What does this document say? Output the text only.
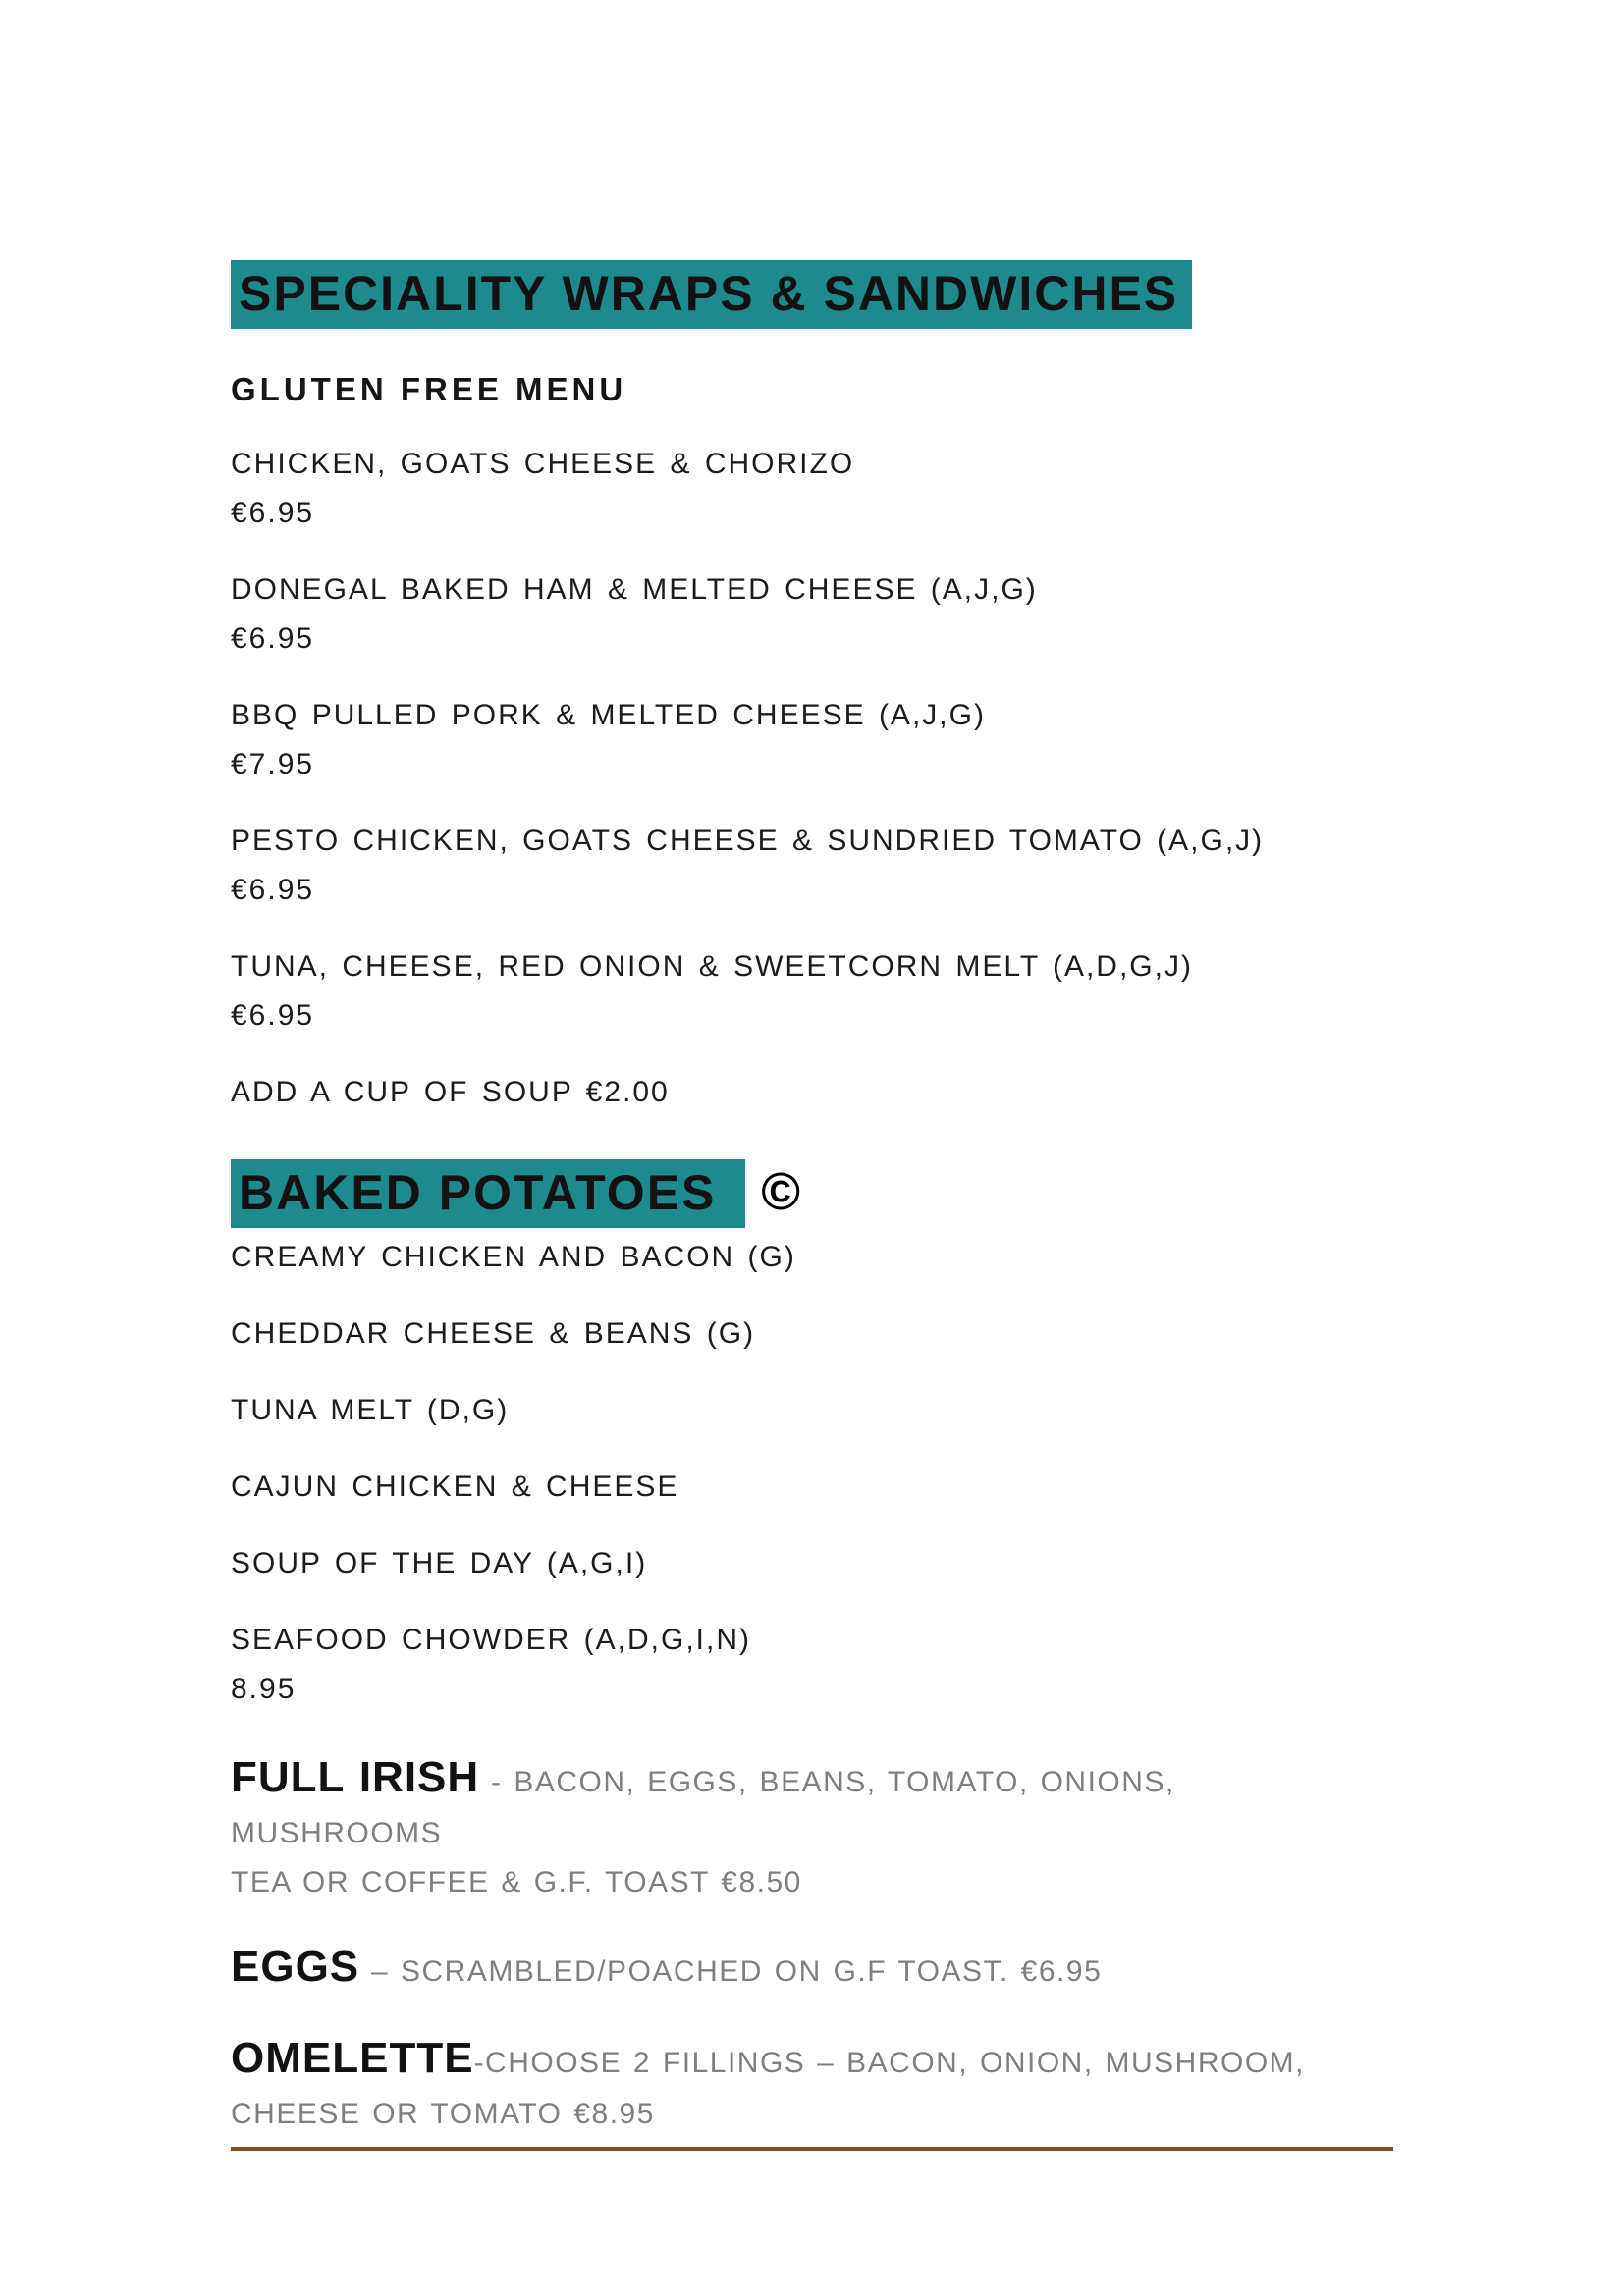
SPECIALITY WRAPS & SANDWICHES

GLUTEN FREE MENU

CHICKEN, GOATS CHEESE & CHORIZO

€6.95

DONEGAL BAKED HAM & MELTED CHEESE (A,J,G)

€6.95

BBQ PULLED PORK & MELTED CHEESE (A,J,G)

€7.95

PESTO CHICKEN, GOATS CHEESE & SUNDRIED TOMATO (A,G,J)

€6.95

TUNA, CHEESE, RED ONION & SWEETCORN MELT (A,D,G,J)

€6.95

ADD A CUP OF SOUP €2.00

BAKED POTATOES ©

CREAMY CHICKEN AND BACON (G)

CHEDDAR CHEESE & BEANS (G)

TUNA MELT (D,G)

CAJUN CHICKEN & CHEESE

SOUP OF THE DAY (A,G,I)

SEAFOOD CHOWDER (A,D,G,I,N)

8.95

FULL IRISH - BACON, EGGS, BEANS, TOMATO, ONIONS,

MUSHROOMS

TEA OR COFFEE & G.F. TOAST €8.50

EGGS – SCRAMBLED/POACHED ON G.F TOAST. €6.95

OMELETTE-CHOOSE 2 FILLINGS – BACON, ONION, MUSHROOM,

CHEESE OR TOMATO €8.95
